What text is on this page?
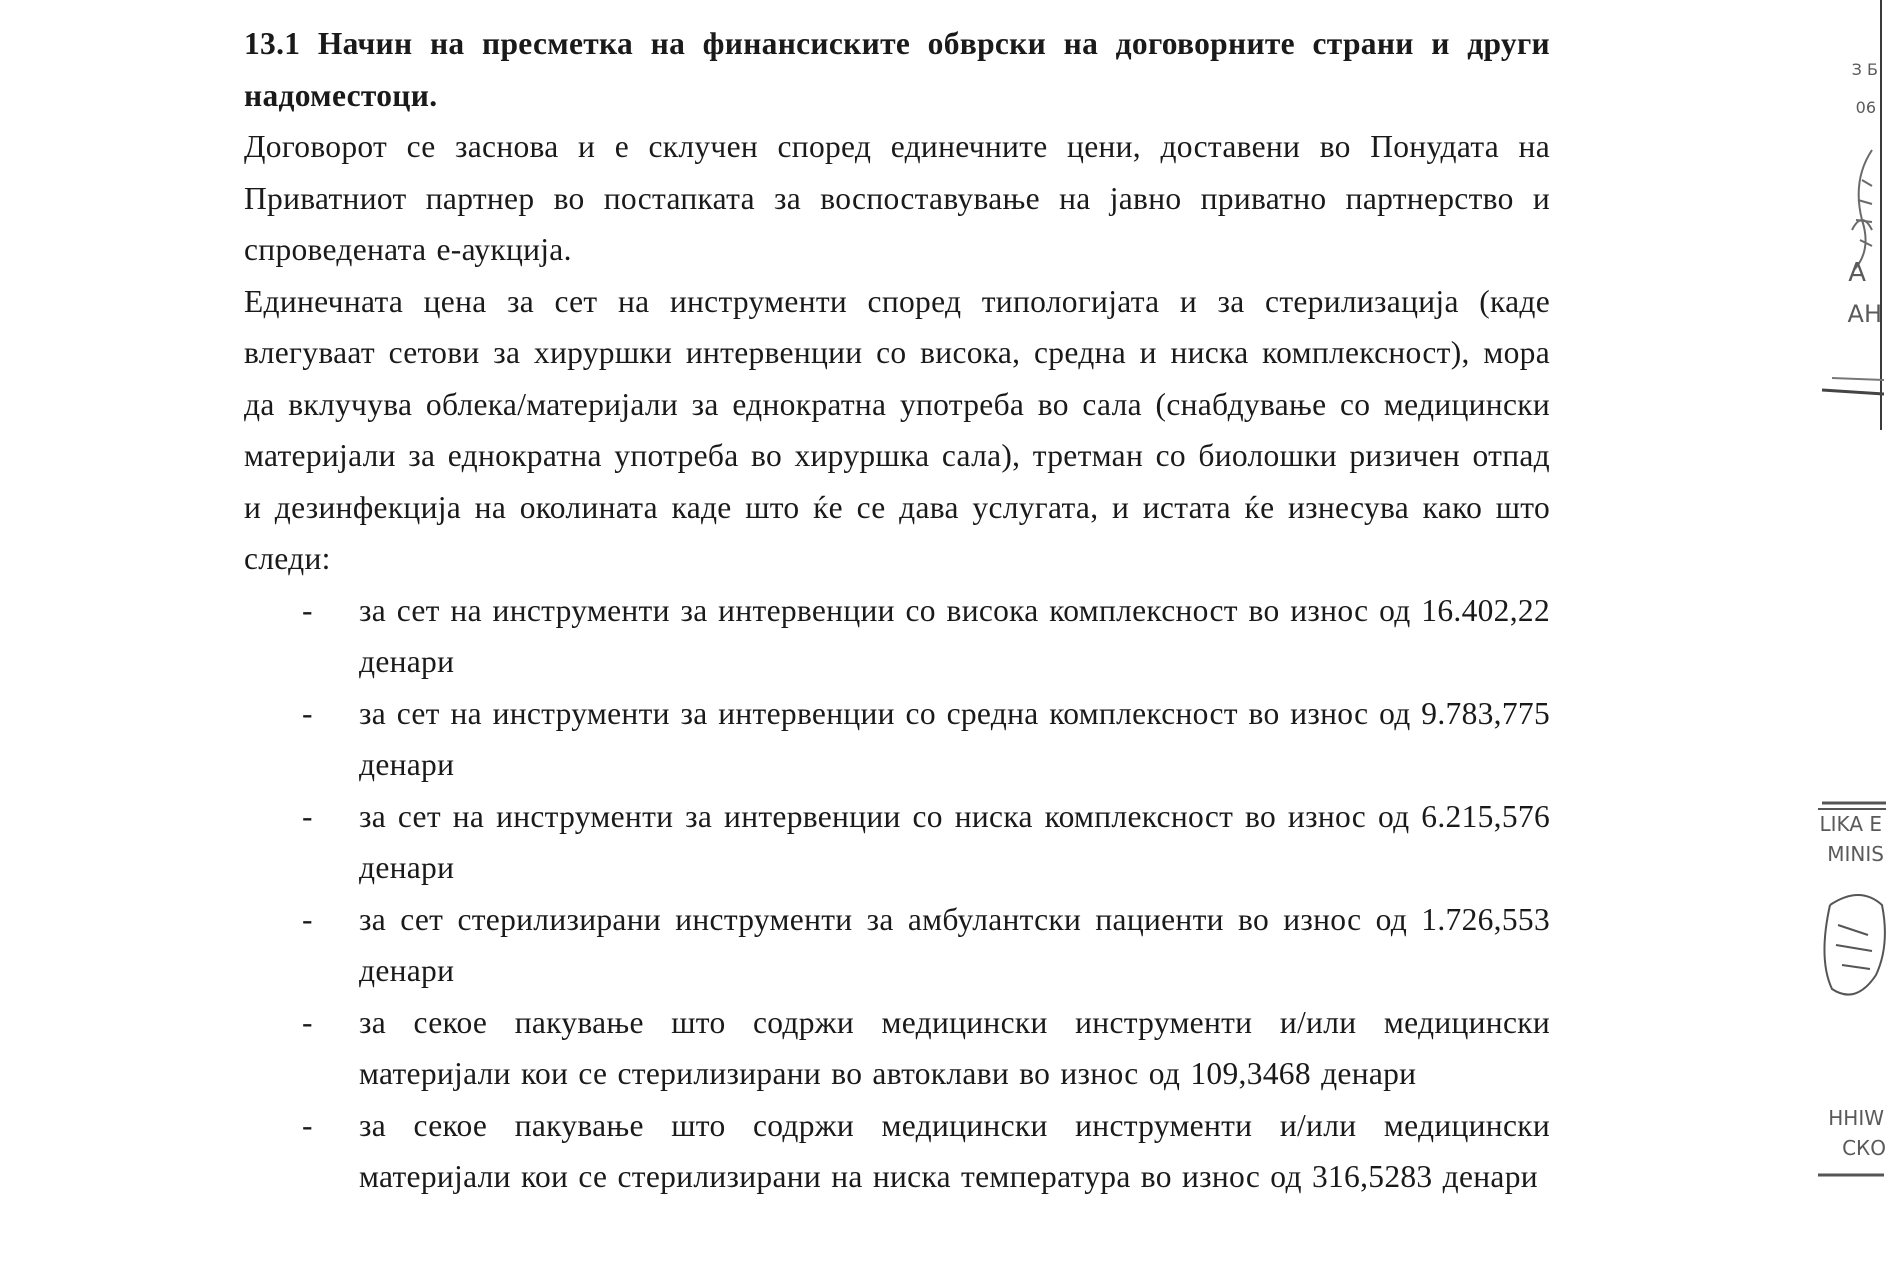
13.1 Начин на пресметка на финансиските обврски на договорните страни и други надоместоци.

Договорот се заснова и е склучен според единечните цени, доставени во Понудата на Приватниот партнер во постапката за воспоставување на јавно приватно партнерство и спроведената е-аукција.

Единечната цена за сет на инструменти според типологијата и за стерилизација (каде влегуваат сетови за хируршки интервенции со висока, средна и ниска комплексност), мора да вклучува облека/материјали за еднократна употреба во сала (снабдување со медицински материјали за еднократна употреба во хируршка сала), третман со биолошки ризичен отпад и дезинфекција на околината каде што ќе се дава услугата, и истата ќе изнесува како што следи:

- за сет на инструменти за интервенции со висока комплексност во износ од 16.402,22 денари
- за сет на инструменти за интервенции со средна комплексност во износ од 9.783,775 денари
- за сет на инструменти за интервенции со ниска комплексност во износ од 6.215,576 денари
- за сет стерилизирани инструменти за амбулантски пациенти во износ од 1.726,553 денари
- за секое пакување што содржи медицински инструменти и/или медицински материјали кои се стерилизирани во автоклави во износ од 109,3468 денари
- за секое пакување што содржи медицински инструменти и/или медицински материјали кои се стерилизирани на ниска температура во износ од 316,5283 денари
З Б
06
А
АН
LIKA E
MINIS
ННIW
СКО
